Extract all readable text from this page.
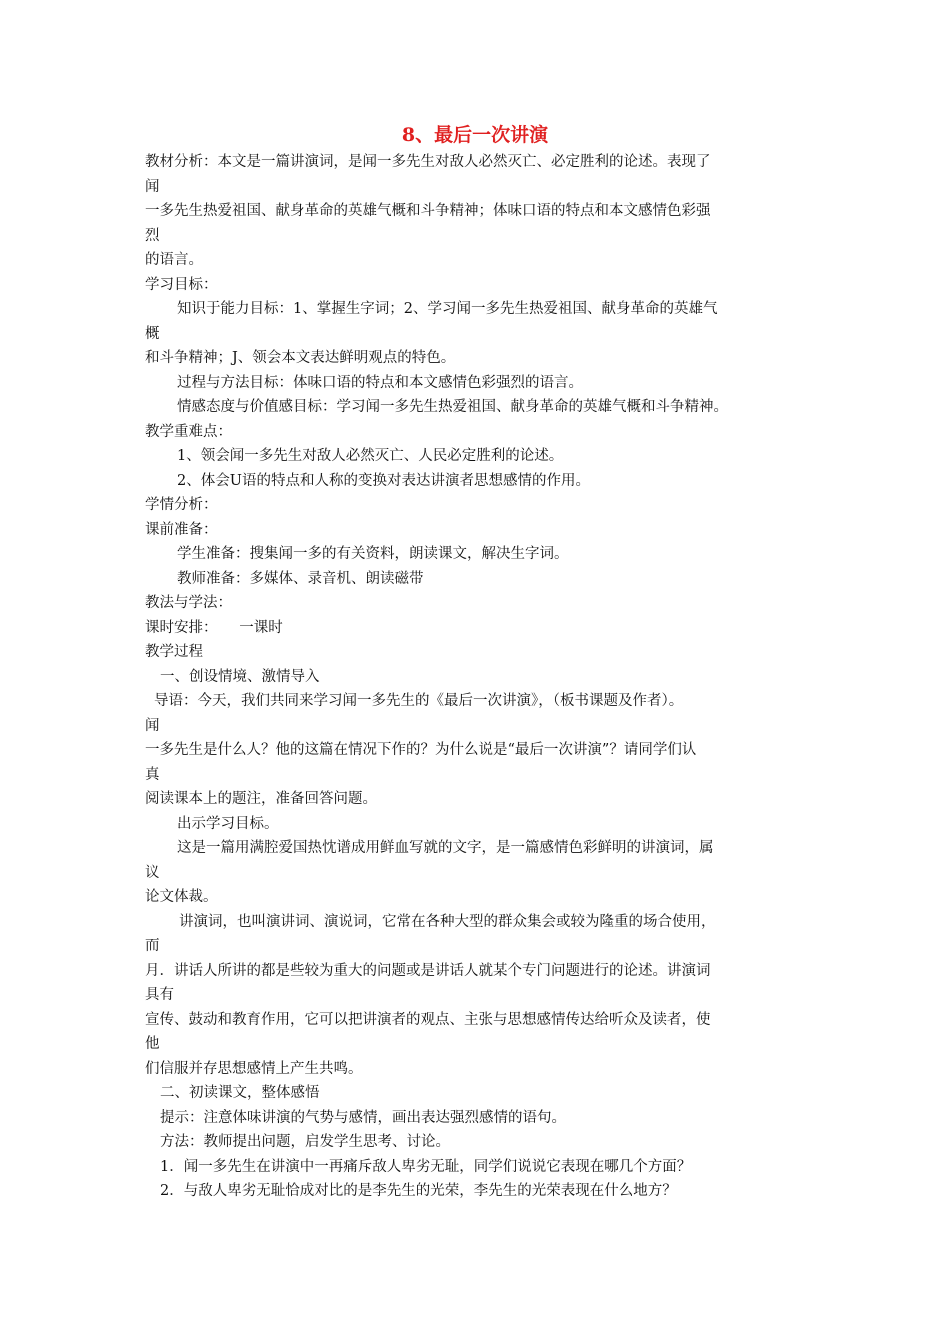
8、最后一次讲演

教材分析：本文是一篇讲演词，是闻一多先生对敌人必然灭亡、必定胜利的论述。表现了

闻

一多先生热爱祖国、献身革命的英雄气概和斗争精神；体味口语的特点和本文感情色彩强

烈

的语言。

学习目标：

知识于能力目标：1、掌握生字词；2、学习闻一多先生热爱祖国、献身革命的英雄气

概

和斗争精神；J、领会本文表达鲜明观点的特色。

过程与方法目标：体味口语的特点和本文感情色彩强烈的语言。

情感态度与价值感目标：学习闻一多先生热爱祖国、献身革命的英雄气概和斗争精神。

教学重难点：

1、领会闻一多先生对敌人必然灭亡、人民必定胜利的论述。

2、体会U语的特点和人称的变换对表达讲演者思想感情的作用。

学情分析：

课前准备：

学生准备：搜集闻一多的有关资料，朗读课文，解决生字词。

教师准备：多媒体、录音机、朗读磁带

教法与学法：

课时安排：　　一课时

教学过程

一、创设情境、激情导入

导语：今天，我们共同来学习闻一多先生的《最后一次讲演》，（板书课题及作者）。

闻

一多先生是什么人？他的这篇在情况下作的？为什么说是“最后一次讲演”？请同学们认

真

阅读课本上的题注，准备回答问题。

出示学习目标。

这是一篇用满腔爱国热忱谱成用鲜血写就的文字，是一篇感情色彩鲜明的讲演词，属

议

论文体裁。

讲演词，也叫演讲词、演说词，它常在各种大型的群众集会或较为隆重的场合使用，

而

月．讲话人所讲的都是些较为重大的问题或是讲话人就某个专门问题进行的论述。讲演词

具有

宣传、鼓动和教育作用，它可以把讲演者的观点、主张与思想感情传达给听众及读者，使

他

们信服并存思想感情上产生共鸣。

二、初读课文，整体感悟

提示：注意体味讲演的气势与感情，画出表达强烈感情的语句。

方法：教师提出问题，启发学生思考、讨论。

1．闻一多先生在讲演中一再痛斥敌人卑劣无耻，同学们说说它表现在哪几个方面？

2．与敌人卑劣无耻恰成对比的是李先生的光荣，李先生的光荣表现在什么地方？
